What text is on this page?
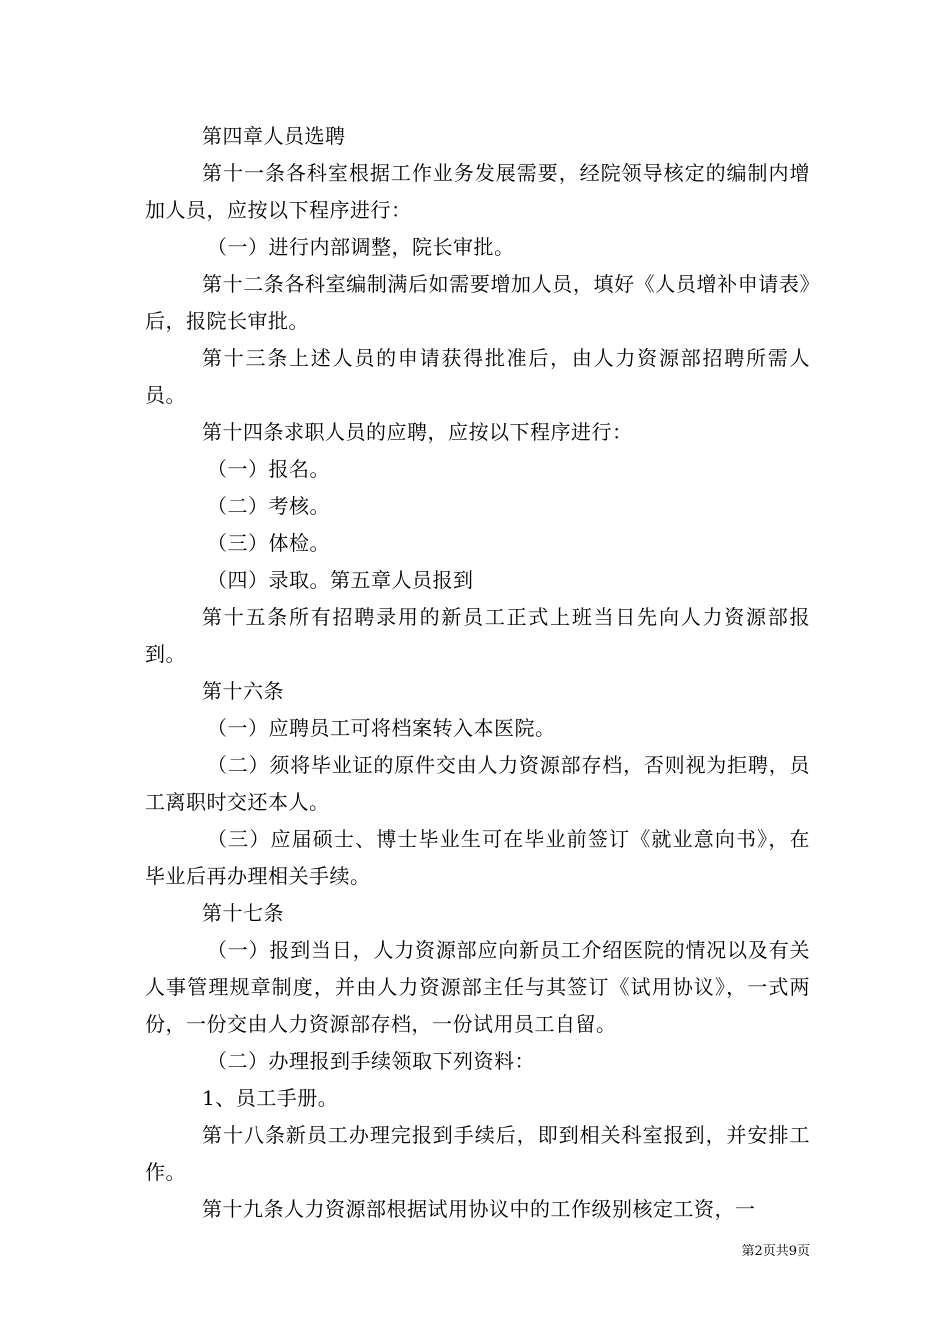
第四章人员选聘

第十一条各科室根据工作业务发展需要，经院领导核定的编制内增加人员，应按以下程序进行：

（一）进行内部调整，院长审批。

第十二条各科室编制满后如需要增加人员，填好《人员增补申请表》后，报院长审批。

第十三条上述人员的申请获得批准后，由人力资源部招聘所需人员。

第十四条求职人员的应聘，应按以下程序进行：

（一）报名。

（二）考核。

（三）体检。

（四）录取。第五章人员报到

第十五条所有招聘录用的新员工正式上班当日先向人力资源部报到。

第十六条

（一）应聘员工可将档案转入本医院。

（二）须将毕业证的原件交由人力资源部存档，否则视为拒聘，员工离职时交还本人。

（三）应届硕士、博士毕业生可在毕业前签订《就业意向书》，在毕业后再办理相关手续。

第十七条

（一）报到当日，人力资源部应向新员工介绍医院的情况以及有关人事管理规章制度，并由人力资源部主任与其签订《试用协议》，一式两份，一份交由人力资源部存档，一份试用员工自留。

（二）办理报到手续领取下列资料：

1、员工手册。

第十八条新员工办理完报到手续后，即到相关科室报到，并安排工作。

第十九条人力资源部根据试用协议中的工作级别核定工资，一

第2页共9页
